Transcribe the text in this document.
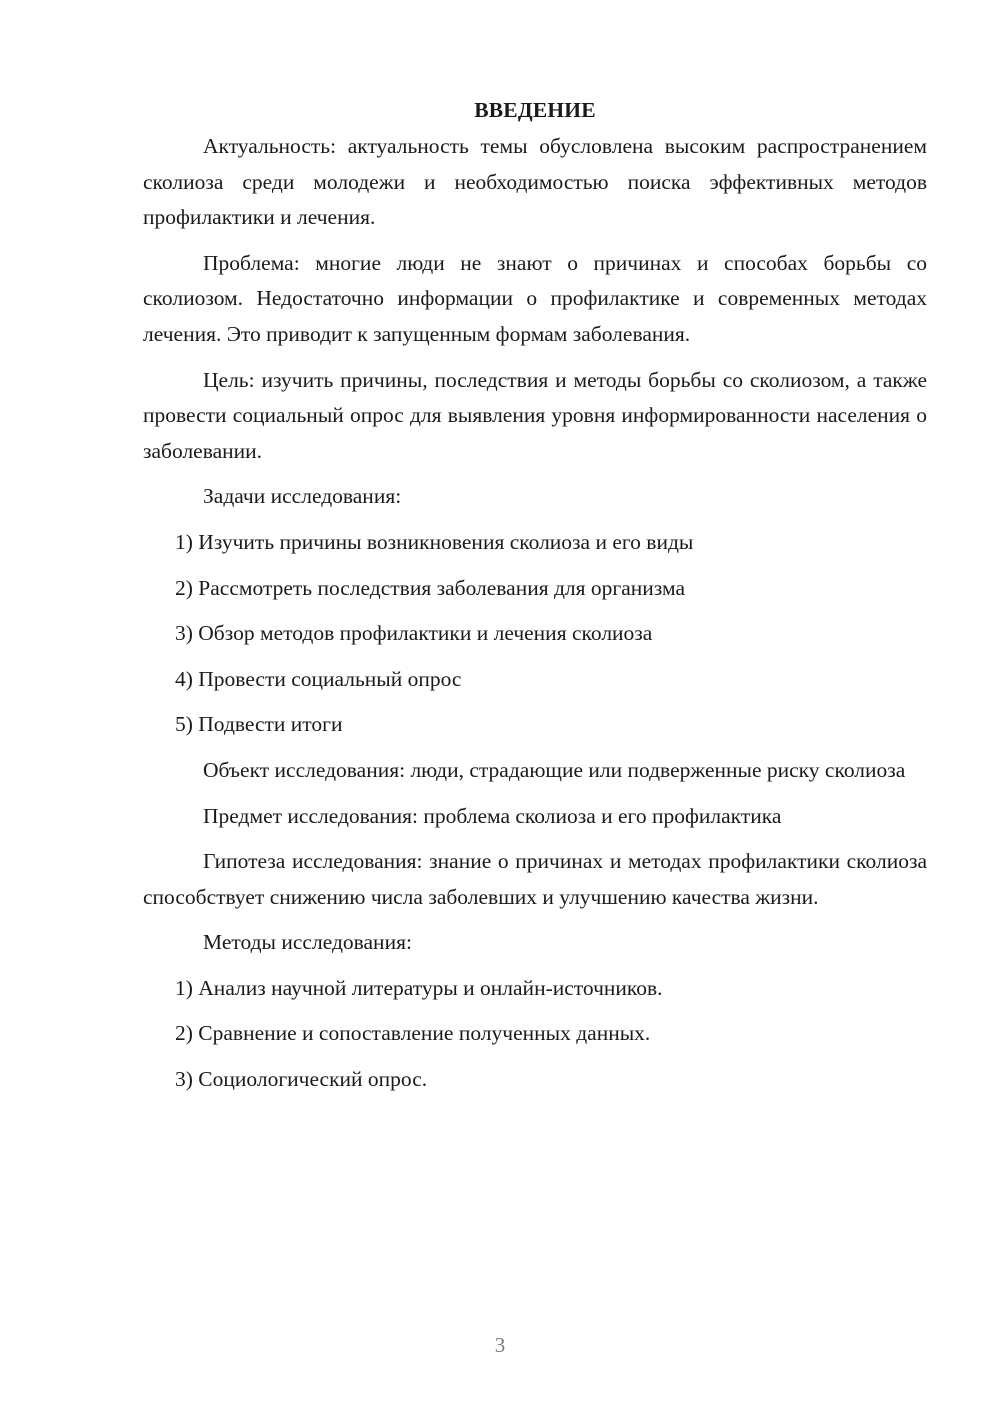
ВВЕДЕНИЕ

Актуальность: актуальность темы обусловлена высоким распространением сколиоза среди молодежи и необходимостью поиска эффективных методов профилактики и лечения.

Проблема: многие люди не знают о причинах и способах борьбы со сколиозом. Недостаточно информации о профилактике и современных методах лечения. Это приводит к запущенным формам заболевания.

Цель: изучить причины, последствия и методы борьбы со сколиозом, а также провести социальный опрос для выявления уровня информированности населения о заболевании.

Задачи исследования:

1) Изучить причины возникновения сколиоза и его виды
2) Рассмотреть последствия заболевания для организма
3) Обзор методов профилактики и лечения сколиоза
4) Провести социальный опрос
5) Подвести итоги

Объект исследования: люди, страдающие или подверженные риску сколиоза

Предмет исследования: проблема сколиоза и его профилактика

Гипотеза исследования: знание о причинах и методах профилактики сколиоза способствует снижению числа заболевших и улучшению качества жизни.

Методы исследования:

1) Анализ научной литературы и онлайн-источников.
2) Сравнение и сопоставление полученных данных.
3) Социологический опрос.
3
